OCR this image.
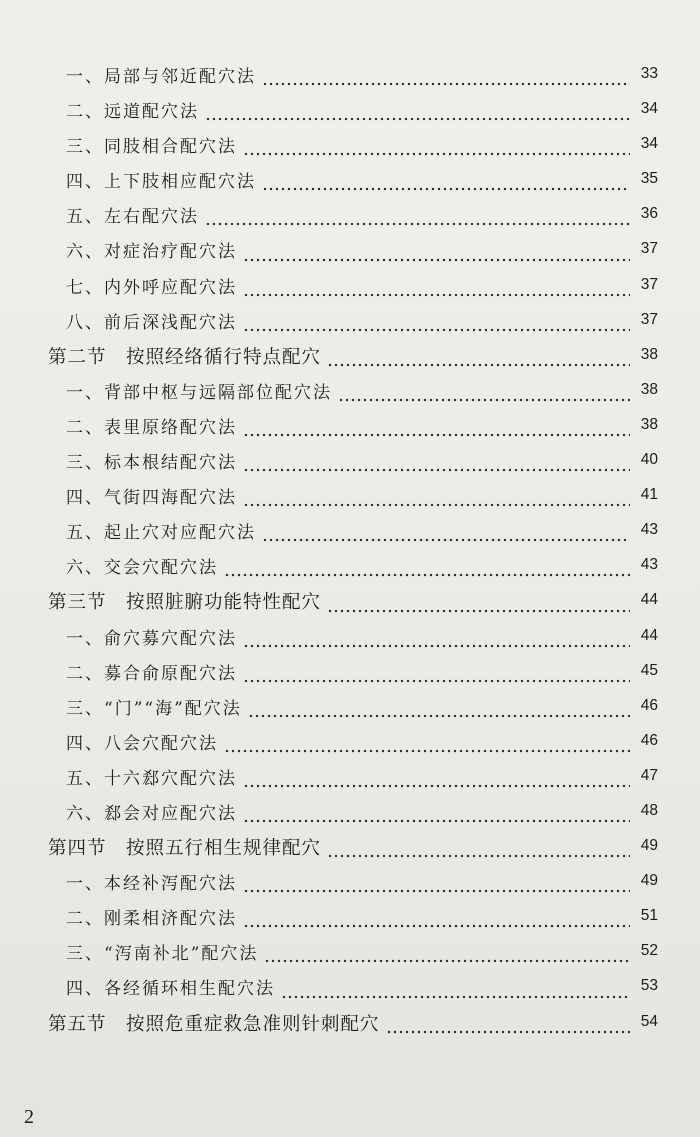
一、局部与邻近配穴法	33
二、远道配穴法	34
三、同肢相合配穴法	34
四、上下肢相应配穴法	35
五、左右配穴法	36
六、对症治疗配穴法	37
七、内外呼应配穴法	37
八、前后深浅配穴法	37
第二节　按照经络循行特点配穴	38
一、背部中枢与远隔部位配穴法	38
二、表里原络配穴法	38
三、标本根结配穴法	40
四、气街四海配穴法	41
五、起止穴对应配穴法	43
六、交会穴配穴法	43
第三节　按照脏腑功能特性配穴	44
一、俞穴募穴配穴法	44
二、募合俞原配穴法	45
三、“门”“海”配穴法	46
四、八会穴配穴法	46
五、十六郄穴配穴法	47
六、郄会对应配穴法	48
第四节　按照五行相生规律配穴	49
一、本经补泻配穴法	49
二、刚柔相济配穴法	51
三、“泻南补北”配穴法	52
四、各经循环相生配穴法	53
第五节　按照危重症救急准则针刺配穴	54
2
